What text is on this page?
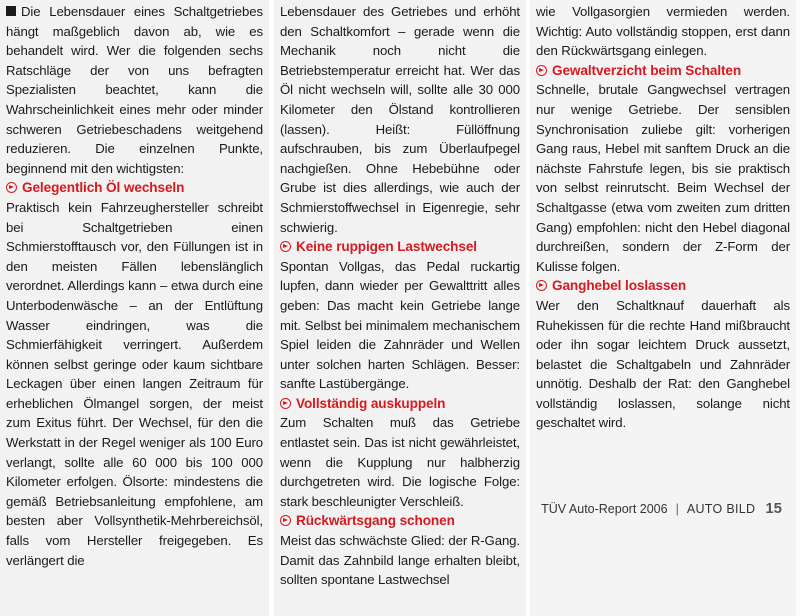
Die Lebensdauer eines Schaltgetriebes hängt maßgeblich davon ab, wie es behandelt wird. Wer die folgenden sechs Ratschläge der von uns befragten Spezialisten beachtet, kann die Wahrscheinlichkeit eines mehr oder minder schweren Getriebeschadens weitgehend reduzieren. Die einzelnen Punkte, beginnend mit den wichtigsten:

Gelegentlich Öl wechseln

Praktisch kein Fahrzeughersteller schreibt bei Schaltgetrieben einen Schmierstofftausch vor, den Füllungen ist in den meisten Fällen lebenslänglich verordnet. Allerdings kann – etwa durch eine Unterbodenwäsche – an der Entlüftung Wasser eindringen, was die Schmierfähigkeit verringert. Außerdem können selbst geringe oder kaum sichtbare Leckagen über einen langen Zeitraum für erheblichen Ölmangel sorgen, der meist zum Exitus führt. Der Wechsel, für den die Werkstatt in der Regel weniger als 100 Euro verlangt, sollte alle 60 000 bis 100 000 Kilometer erfolgen. Ölsorte: mindestens die gemäß Betriebsanleitung empfohlene, am besten aber Vollsynthetik-Mehrbereichsöl, falls vom Hersteller freigegeben. Es verlängert die

Lebensdauer des Getriebes und erhöht den Schaltkomfort – gerade wenn die Mechanik noch nicht die Betriebstemperatur erreicht hat. Wer das Öl nicht wechseln will, sollte alle 30 000 Kilometer den Ölstand kontrollieren (lassen). Heißt: Füllöffnung aufschrauben, bis zum Überlaufpegel nachgießen. Ohne Hebebühne oder Grube ist dies allerdings, wie auch der Schmierstoffwechsel in Eigenregie, sehr schwierig.

Keine ruppigen Lastwechsel

Spontan Vollgas, das Pedal ruckartig lupfen, dann wieder per Gewalttritt alles geben: Das macht kein Getriebe lange mit. Selbst bei minimalem mechanischem Spiel leiden die Zahnräder und Wellen unter solchen harten Schlägen. Besser: sanfte Lastübergänge.

Vollständig auskuppeln

Zum Schalten muß das Getriebe entlastet sein. Das ist nicht gewährleistet, wenn die Kupplung nur halbherzig durchgetreten wird. Die logische Folge: stark beschleunigter Verschleiß.

Rückwärtsgang schonen

Meist das schwächste Glied: der R-Gang. Damit das Zahnbild lange erhalten bleibt, sollten spontane Lastwechsel

wie Vollgasorgien vermieden werden. Wichtig: Auto vollständig stoppen, erst dann den Rückwärtsgang einlegen.

Gewaltverzicht beim Schalten

Schnelle, brutale Gangwechsel vertragen nur wenige Getriebe. Der sensiblen Synchronisation zuliebe gilt: vorherigen Gang raus, Hebel mit sanftem Druck an die nächste Fahrstufe legen, bis sie praktisch von selbst reinrutscht. Beim Wechsel der Schaltgasse (etwa vom zweiten zum dritten Gang) empfohlen: nicht den Hebel diagonal durchreißen, sondern der Z-Form der Kulisse folgen.

Ganghebel loslassen

Wer den Schaltknauf dauerhaft als Ruhekissen für die rechte Hand mißbraucht oder ihn sogar leichtem Druck aussetzt, belastet die Schaltgabeln und Zahnräder unnötig. Deshalb der Rat: den Ganghebel vollständig loslassen, solange nicht geschaltet wird.

TÜV Auto-Report 2006 | AUTO BILD 15
